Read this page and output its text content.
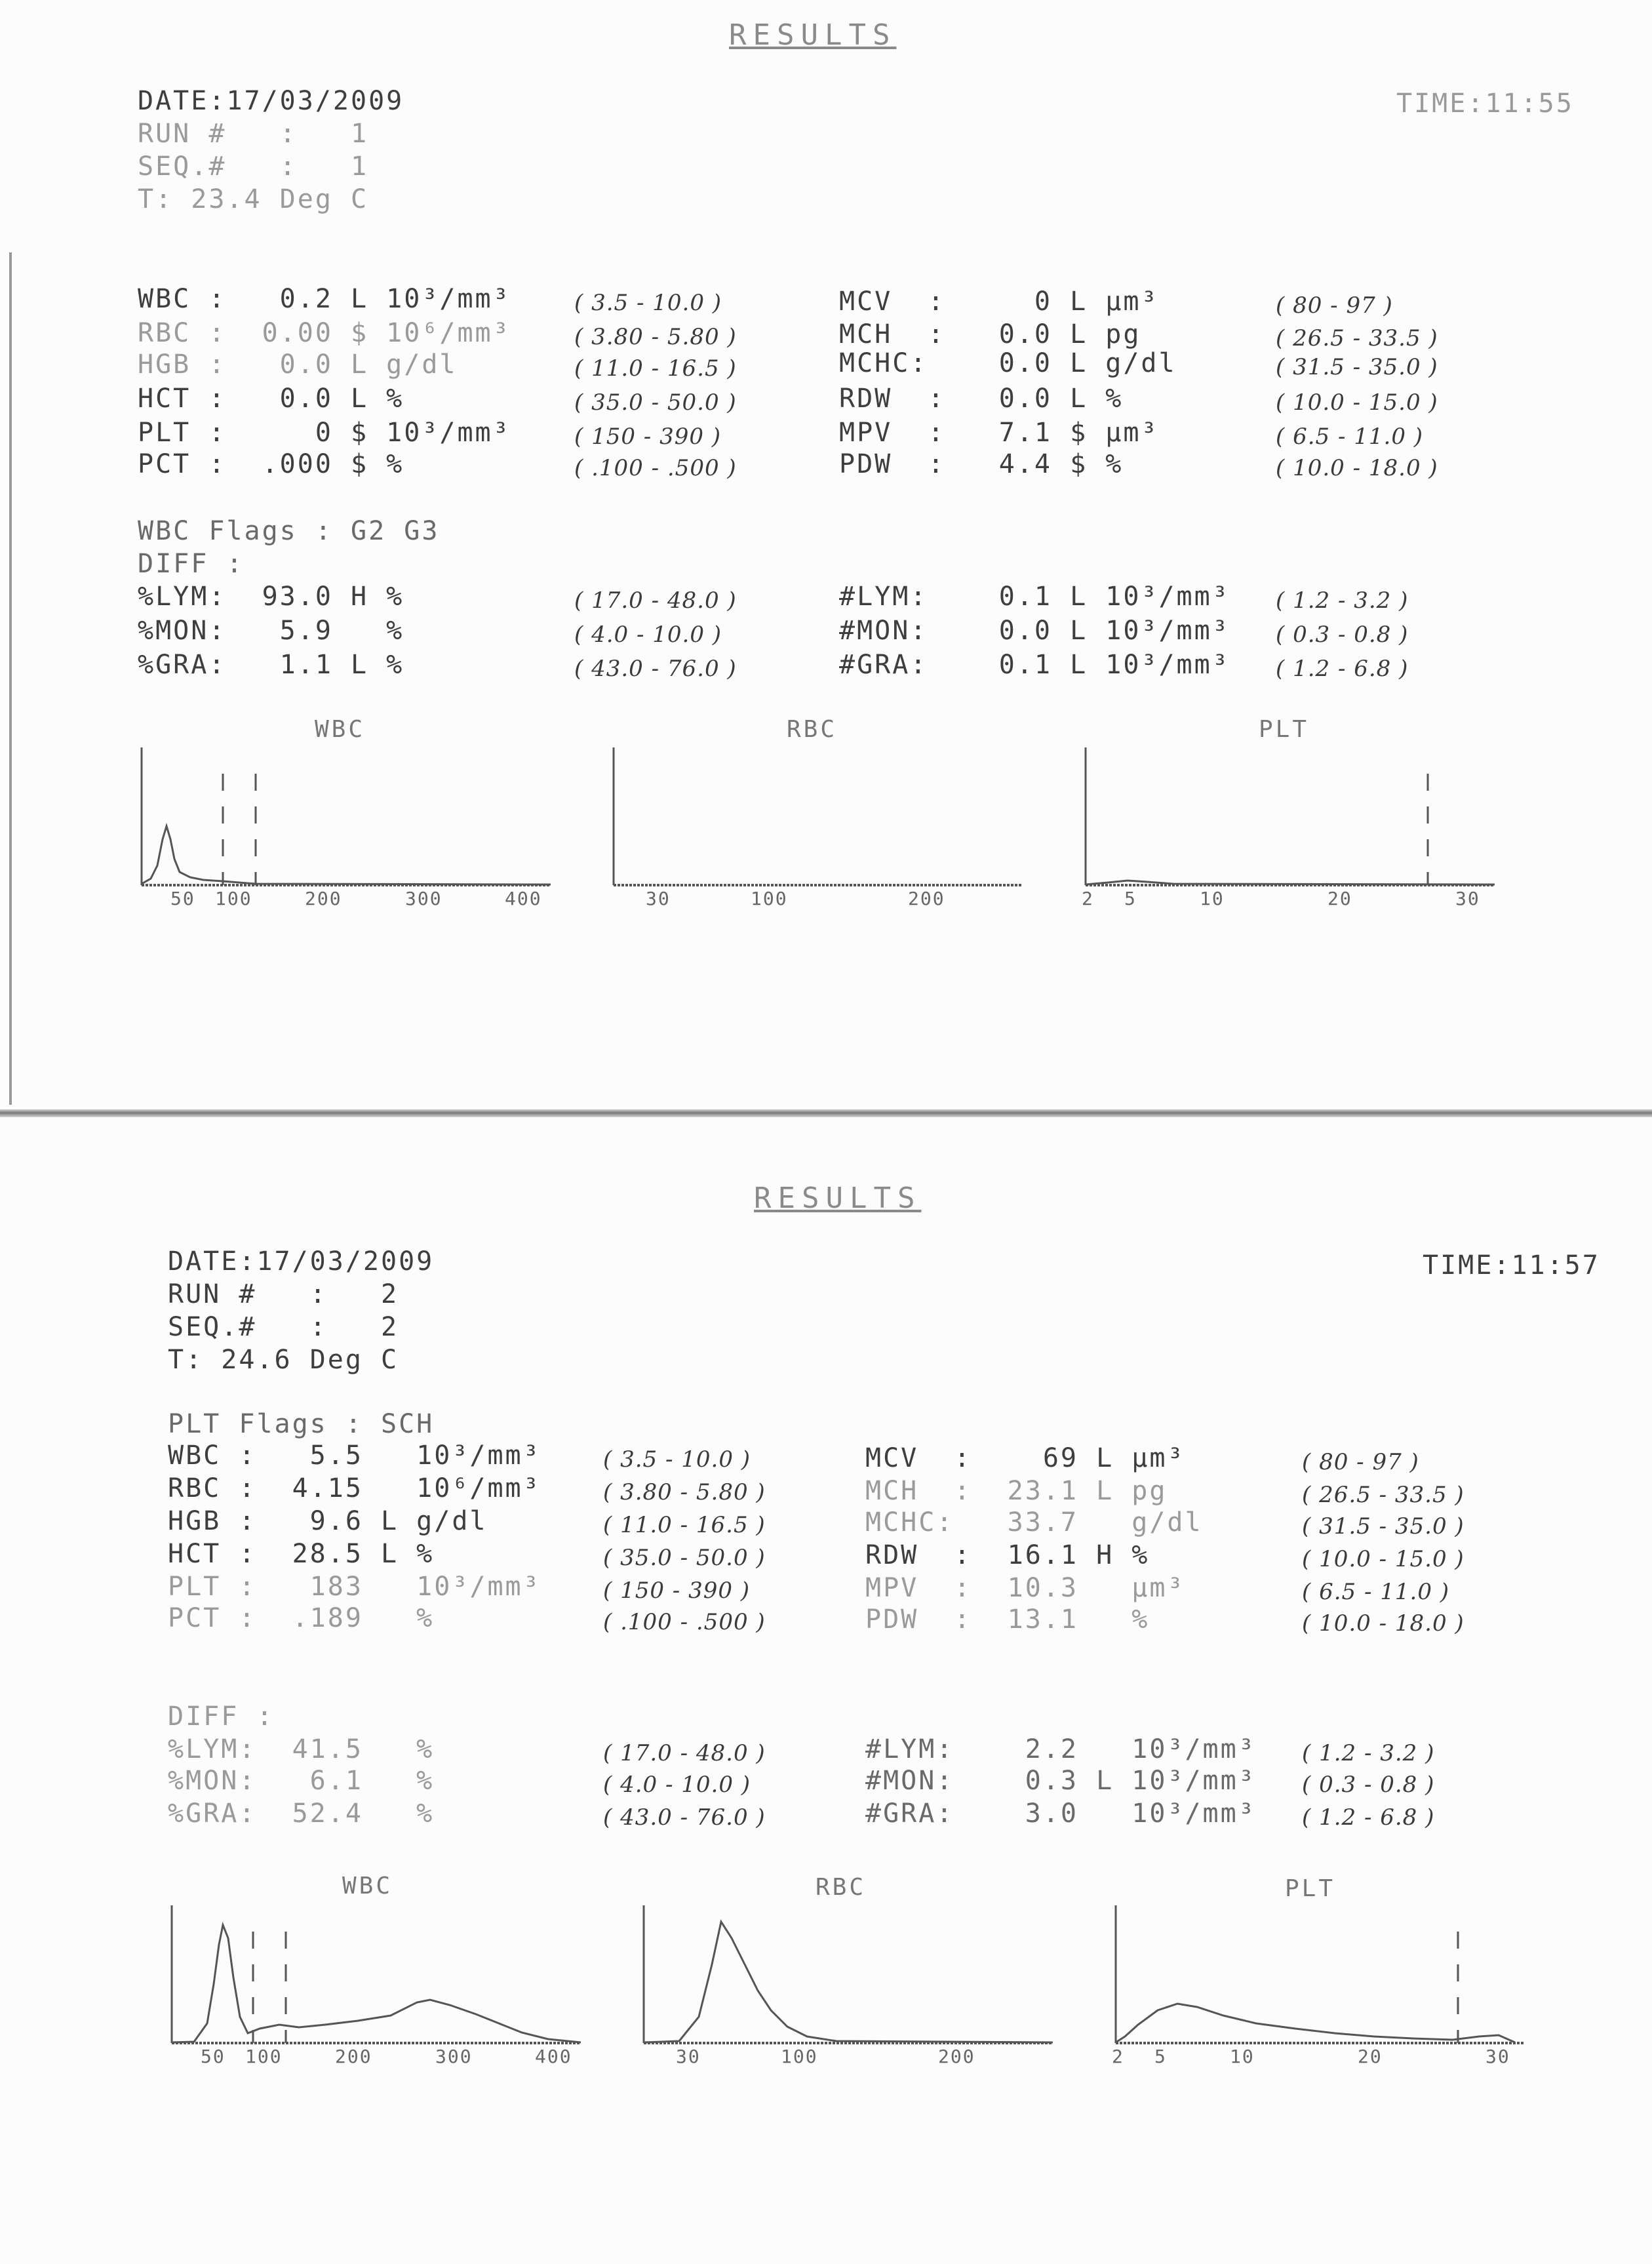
RESULTS
DATE:17/03/2009	TIME:11:55
RUN #   :   1
SEQ.#   :   1
T: 23.4 Deg C
WBC :   0.2 L 10³/mm³	( 3.5 - 10.0 )
RBC :  0.00 $ 10⁶/mm³	( 3.80 - 5.80 )
HGB :   0.0 L g/dl	( 11.0 - 16.5 )
HCT :   0.0 L %	( 35.0 - 50.0 )
PLT :     0 $ 10³/mm³	( 150 - 390 )
PCT :  .000 $ %	( .100 - .500 )
MCV  :     0 L µm³	( 80 - 97 )
MCH  :   0.0 L pg	( 26.5 - 33.5 )
MCHC:    0.0 L g/dl	( 31.5 - 35.0 )
RDW  :   0.0 L %	( 10.0 - 15.0 )
MPV  :   7.1 $ µm³	( 6.5 - 11.0 )
PDW  :   4.4 $ %	( 10.0 - 18.0 )
WBC Flags : G2 G3
DIFF :
%LYM:  93.0 H %	( 17.0 - 48.0 )
%MON:   5.9   %	( 4.0 - 10.0 )
%GRA:   1.1 L %	( 43.0 - 76.0 )
#LYM:    0.1 L 10³/mm³ ( 1.2 - 3.2 )
#MON:    0.0 L 10³/mm³ ( 0.3 - 0.8 )
#GRA:    0.1 L 10³/mm³ ( 1.2 - 6.8 )
WBC	RBC	PLT
50 100	200	300	400	30	100	200	2 5	10	20	30
RESULTS
DATE:17/03/2009	TIME:11:57
RUN #   :   2
SEQ.#   :   2
T: 24.6 Deg C
PLT Flags : SCH
WBC :   5.5   10³/mm³	( 3.5 - 10.0 )
RBC :  4.15   10⁶/mm³	( 3.80 - 5.80 )
HGB :   9.6 L g/dl	( 11.0 - 16.5 )
HCT :  28.5 L %	( 35.0 - 50.0 )
PLT :   183   10³/mm³	( 150 - 390 )
PCT :  .189   %	( .100 - .500 )
MCV  :    69 L µm³	( 80 - 97 )
MCH  :  23.1 L pg	( 26.5 - 33.5 )
MCHC:   33.7   g/dl	( 31.5 - 35.0 )
RDW  :  16.1 H %	( 10.0 - 15.0 )
MPV  :  10.3   µm³	( 6.5 - 11.0 )
PDW  :  13.1   %	( 10.0 - 18.0 )
DIFF :
%LYM:  41.5   %	( 17.0 - 48.0 )
%MON:   6.1   %	( 4.0 - 10.0 )
%GRA:  52.4   %	( 43.0 - 76.0 )
#LYM:    2.2   10³/mm³ ( 1.2 - 3.2 )
#MON:    0.3 L 10³/mm³ ( 0.3 - 0.8 )
#GRA:    3.0   10³/mm³ ( 1.2 - 6.8 )
WBC	RBC	PLT
50 100	200	300	400	30	100	200	2 5	10	20	30
